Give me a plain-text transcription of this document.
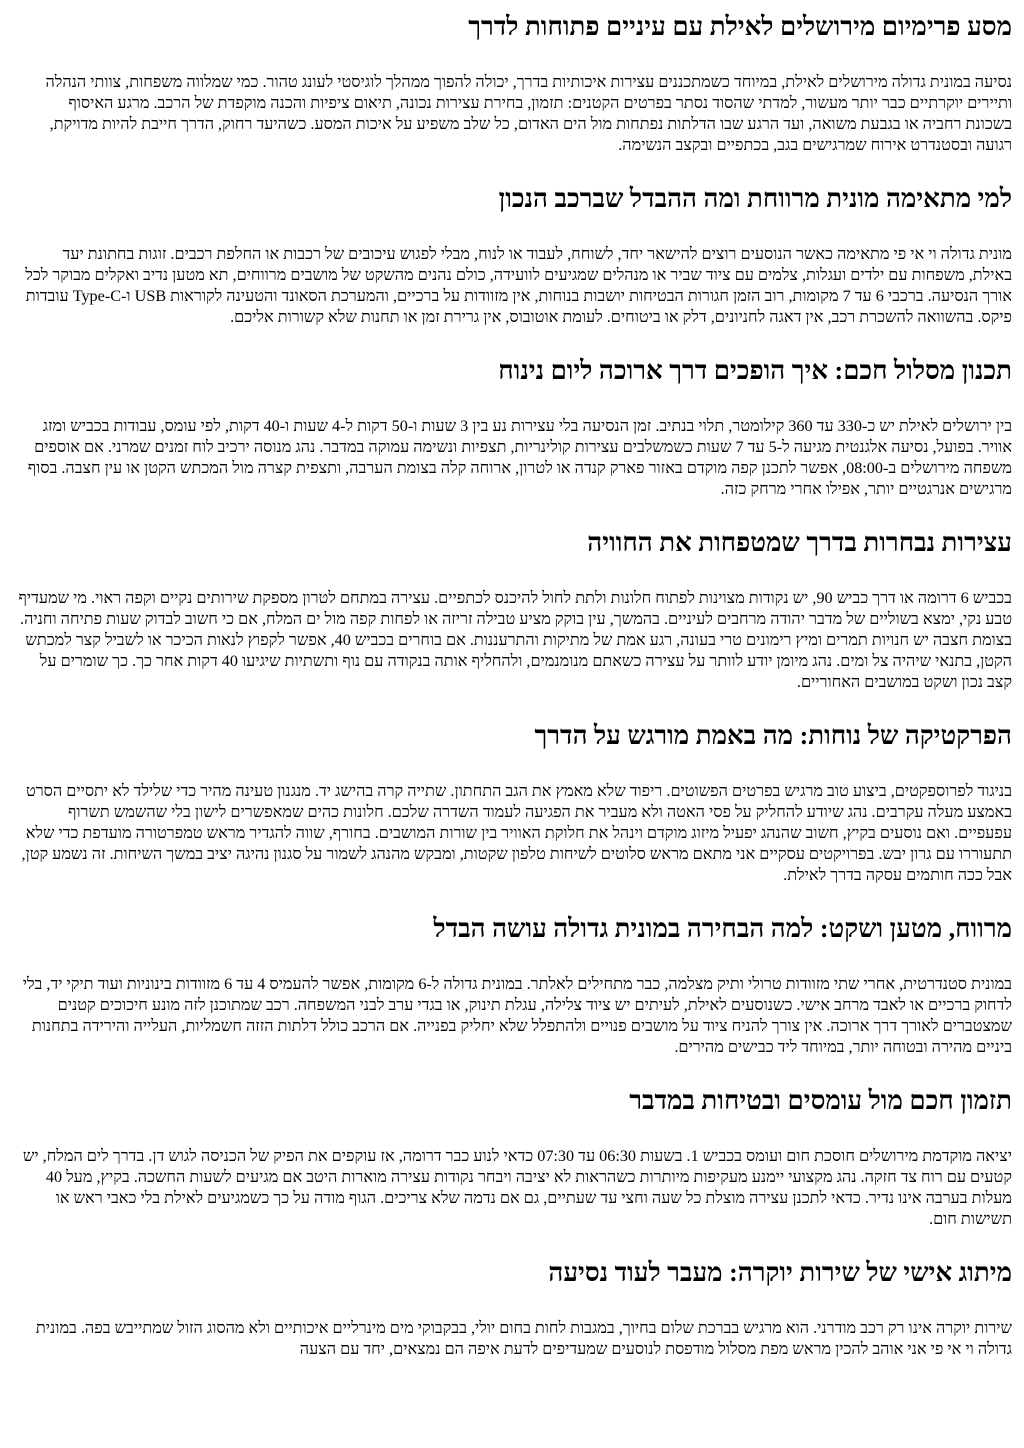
מסע פרימיום מירושלים לאילת עם עיניים פתוחות לדרך

נסיעה במונית גדולה מירושלים לאילת, במיוחד כשמתכננים עצירות איכותיות בדרך, יכולה להפוך ממהלך לוגיסטי לעונג טהור. כמי שמלווה משפחות, צוותי הנהלה ותיירים יוקרתיים כבר יותר מעשור, למדתי שהסוד נסתר בפרטים הקטנים: תזמון, בחירת עצירות נכונה, תיאום ציפיות והכנה מוקפדת של הרכב. מרגע האיסוף בשכונת רחביה או בגבעת משואה, ועד הרגע שבו הדלתות נפתחות מול הים האדום, כל שלב משפיע על איכות המסע. כשהיעד רחוק, הדרך חייבת להיות מדויקת, רגועה ובסטנדרט אירוח שמרגישים בגב, בכתפיים ובקצב הנשימה.

למי מתאימה מונית מרווחת ומה ההבדל שברכב הנכון

מונית גדולה וי אי פי מתאימה כאשר הנוסעים רוצים להישאר יחד, לשוחח, לעבוד או לנוח, מבלי לפגוש עיכובים של רכבות או החלפת רכבים. זוגות בחתונת יעד באילת, משפחות עם ילדים ועגלות, צלמים עם ציוד שביר או מנהלים שמגיעים לוועידה, כולם נהנים מהשקט של מושבים מרווחים, תא מטען נדיב ואקלים מבוקר לכל אורך הנסיעה. ברכבי 6 עד 7 מקומות, רוב הזמן חגורות הבטיחות יושבות בנוחות, אין מזוודות על ברכיים, והמערכת הסאונד והטעינה לקוראות USB ו-Type-C עובדות פיקס. בהשוואה להשכרת רכב, אין דאגה לחניונים, דלק או ביטוחים. לעומת אוטובוס, אין גרירת זמן או תחנות שלא קשורות אליכם.

תכנון מסלול חכם: איך הופכים דרך ארוכה ליום נינוח

בין ירושלים לאילת יש כ-330 עד 360 קילומטר, תלוי בנתיב. זמן הנסיעה בלי עצירות נע בין 3 שעות ו-50 דקות ל-4 שעות ו-40 דקות, לפי עומס, עבודות בכביש ומזג אוויר. בפועל, נסיעה אלגנטית מגיעה ל-5 עד 7 שעות כשמשלבים עצירות קולינריות, תצפיות ונשימה עמוקה במדבר. נהג מנוסה ירכיב לוח זמנים שמרני. אם אוספים משפחה מירושלים ב-08:00, אפשר לתכנן קפה מוקדם באזור פארק קנדה או לטרון, ארוחה קלה בצומת הערבה, ותצפית קצרה מול המכתש הקטן או עין חצבה. בסוף מרגישים אנרגטיים יותר, אפילו אחרי מרחק כזה.

עצירות נבחרות בדרך שמטפחות את החוויה

בכביש 6 דרומה או דרך כביש 90, יש נקודות מצוינות לפתוח חלונות ולתת לחול להיכנס לכתפיים. עצירה במתחם לטרון מספקת שירותים נקיים וקפה ראוי. מי שמעדיף טבע נקי, ימצא בשוליים של מדבר יהודה מרחבים לעיניים. בהמשך, עין בוקק מציע טבילה זריזה או לפחות קפה מול ים המלח, אם כי חשוב לבדוק שעות פתיחה וחניה. בצומת חצבה יש חנויות תמרים ומיץ רימונים טרי בעונה, רגע אמת של מתיקות והתרעננות. אם בוחרים בכביש 40, אפשר לקפוץ לנאות הכיכר או לשביל קצר למכתש הקטן, בתנאי שיהיה צל ומים. נהג מיומן יודע לוותר על עצירה כשאתם מנומנמים, ולהחליף אותה בנקודה עם נוף ותשתיות שיגיעו 40 דקות אחר כך. כך שומרים על קצב נכון ושקט במושבים האחוריים.

הפרקטיקה של נוחות: מה באמת מורגש על הדרך

בניגוד לפרוספקטים, ביצוע טוב מרגיש בפרטים הפשוטים. ריפוד שלא מאמץ את הגב התחתון. שתייה קרה בהישג יד. מנגנון טעינה מהיר כדי שלילד לא יתסיים הסרט באמצע מעלה עקרבים. נהג שיודע להחליק על פסי האטה ולא מעביר את הפגיעה לעמוד השדרה שלכם. חלונות כהים שמאפשרים לישון בלי שהשמש תשרוף עפעפיים. ואם נוסעים בקיץ, חשוב שהנהג יפעיל מיזוג מוקדם וינהל את חלוקת האוויר בין שורות המושבים. בחורף, שווה להגדיר מראש טמפרטורה מועדפת כדי שלא תתעוררו עם גרון יבש. בפרויקטים עסקיים אני מתאם מראש סלוטים לשיחות טלפון שקטות, ומבקש מהנהג לשמור על סגנון נהיגה יציב במשך השיחות. זה נשמע קטן, אבל ככה חותמים עסקה בדרך לאילת.

מרווח, מטען ושקט: למה הבחירה במונית גדולה עושה הבדל

במונית סטנדרטית, אחרי שתי מזוודות טרולי ותיק מצלמה, כבר מתחילים לאלתר. במונית גדולה ל-6 מקומות, אפשר להעמיס 4 עד 6 מזוודות בינוניות ועוד תיקי יד, בלי לדחוק ברכיים או לאבד מרחב אישי. כשנוסעים לאילת, לעיתים יש ציוד צלילה, עגלת תינוק, או בגדי ערב לבני המשפחה. רכב שמתוכנן לזה מונע חיכוכים קטנים שמצטברים לאורך דרך ארוכה. אין צורך להניח ציוד על מושבים פנויים ולהתפלל שלא יחליק בפנייה. אם הרכב כולל דלתות הזזה חשמליות, העלייה והירידה בתחנות ביניים מהירה ובטוחה יותר, במיוחד ליד כבישים מהירים.

תזמון חכם מול עומסים ובטיחות במדבר

יציאה מוקדמת מירושלים חוסכת חום ועומס בכביש 1. בשעות 06:30 עד 07:30 כדאי לנוע כבר דרומה, אז עוקפים את הפיק של הכניסה לגוש דן. בדרך לים המלח, יש קטעים עם רוח צד חזקה. נהג מקצועי יימנע מעקיפות מיותרות כשהראות לא יציבה ויבחר נקודות עצירה מוארות היטב אם מגיעים לשעות החשכה. בקיץ, מעל 40 מעלות בערבה אינו נדיר. כדאי לתכנן עצירה מוצלת כל שעה וחצי עד שעתיים, גם אם נדמה שלא צריכים. הגוף מודה על כך כשמגיעים לאילת בלי כאבי ראש או תשישות חום.

מיתוג אישי של שירות יוקרה: מעבר לעוד נסיעה

שירות יוקרה אינו רק רכב מודרני. הוא מרגיש בברכת שלום בחיוך, במגבות לחות בחום יולי, בבקבוקי מים מינרליים איכותיים ולא מהסוג הזול שמתייבש בפה. במונית גדולה וי אי פי אני אוהב להכין מראש מפת מסלול מודפסת לנוסעים שמעדיפים לדעת איפה הם נמצאים, יחד עם הצעה
